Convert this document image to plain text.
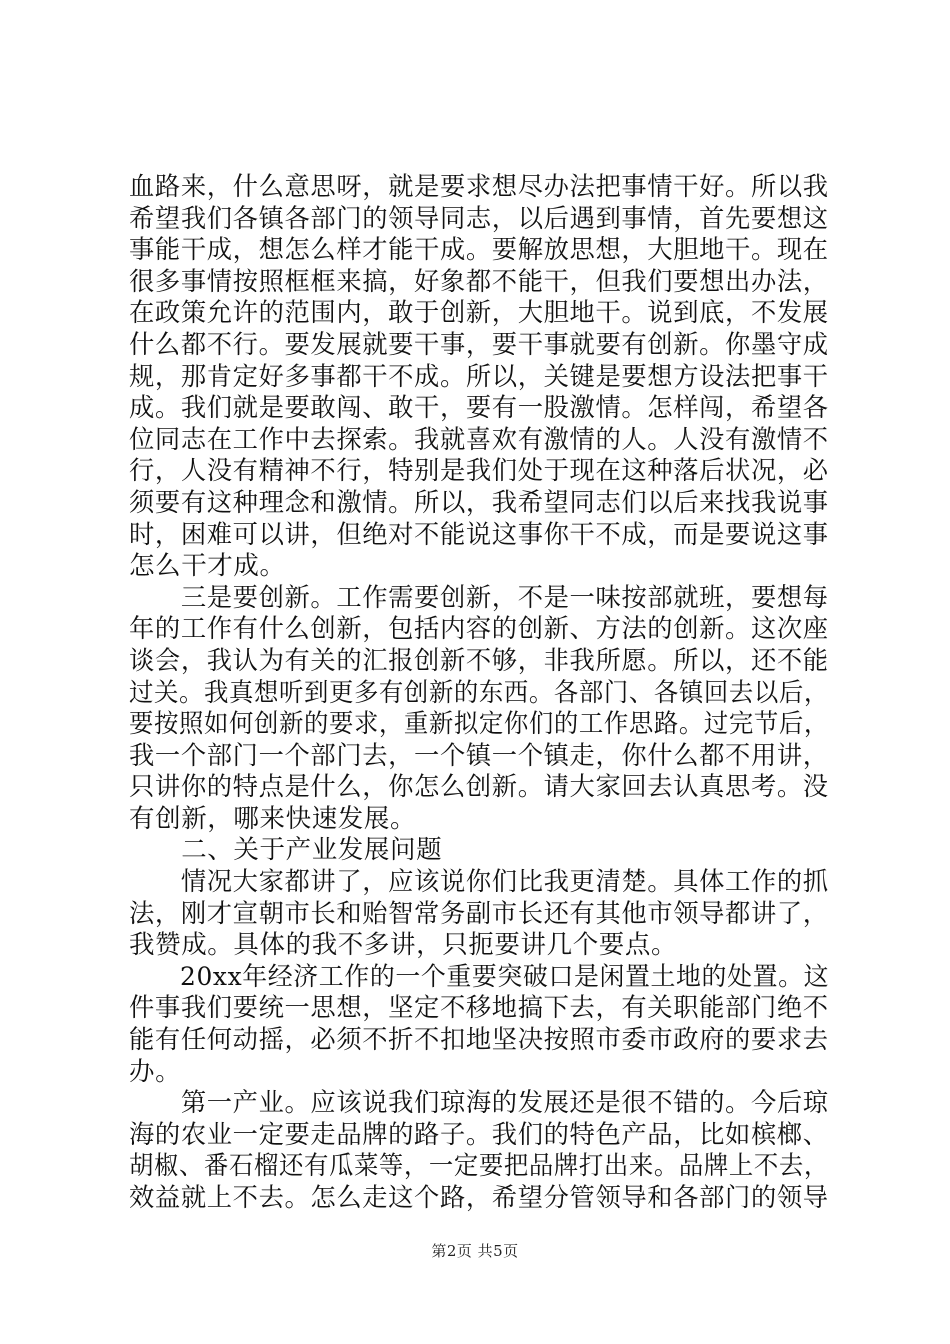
血路来，什么意思呀，就是要求想尽办法把事情干好。所以我
希望我们各镇各部门的领导同志，以后遇到事情，首先要想这
事能干成，想怎么样才能干成。要解放思想，大胆地干。现在
很多事情按照框框来搞，好象都不能干，但我们要想出办法，
在政策允许的范围内，敢于创新，大胆地干。说到底，不发展
什么都不行。要发展就要干事，要干事就要有创新。你墨守成
规，那肯定好多事都干不成。所以，关键是要想方设法把事干
成。我们就是要敢闯、敢干，要有一股激情。怎样闯，希望各
位同志在工作中去探索。我就喜欢有激情的人。人没有激情不
行，人没有精神不行，特别是我们处于现在这种落后状况，必
须要有这种理念和激情。所以，我希望同志们以后来找我说事
时，困难可以讲，但绝对不能说这事你干不成，而是要说这事
怎么干才成。
　　三是要创新。工作需要创新，不是一味按部就班，要想每
年的工作有什么创新，包括内容的创新、方法的创新。这次座
谈会，我认为有关的汇报创新不够，非我所愿。所以，还不能
过关。我真想听到更多有创新的东西。各部门、各镇回去以后，
要按照如何创新的要求，重新拟定你们的工作思路。过完节后，
我一个部门一个部门去，一个镇一个镇走，你什么都不用讲，
只讲你的特点是什么，你怎么创新。请大家回去认真思考。没
有创新，哪来快速发展。
　　二、关于产业发展问题
　　情况大家都讲了，应该说你们比我更清楚。具体工作的抓
法，刚才宣朝市长和贻智常务副市长还有其他市领导都讲了，
我赞成。具体的我不多讲，只扼要讲几个要点。
　　20xx年经济工作的一个重要突破口是闲置土地的处置。这
件事我们要统一思想，坚定不移地搞下去，有关职能部门绝不
能有任何动摇，必须不折不扣地坚决按照市委市政府的要求去
办。
　　第一产业。应该说我们琼海的发展还是很不错的。今后琼
海的农业一定要走品牌的路子。我们的特色产品，比如槟榔、
胡椒、番石榴还有瓜菜等，一定要把品牌打出来。品牌上不去，
效益就上不去。怎么走这个路，希望分管领导和各部门的领导
第2页 共5页
